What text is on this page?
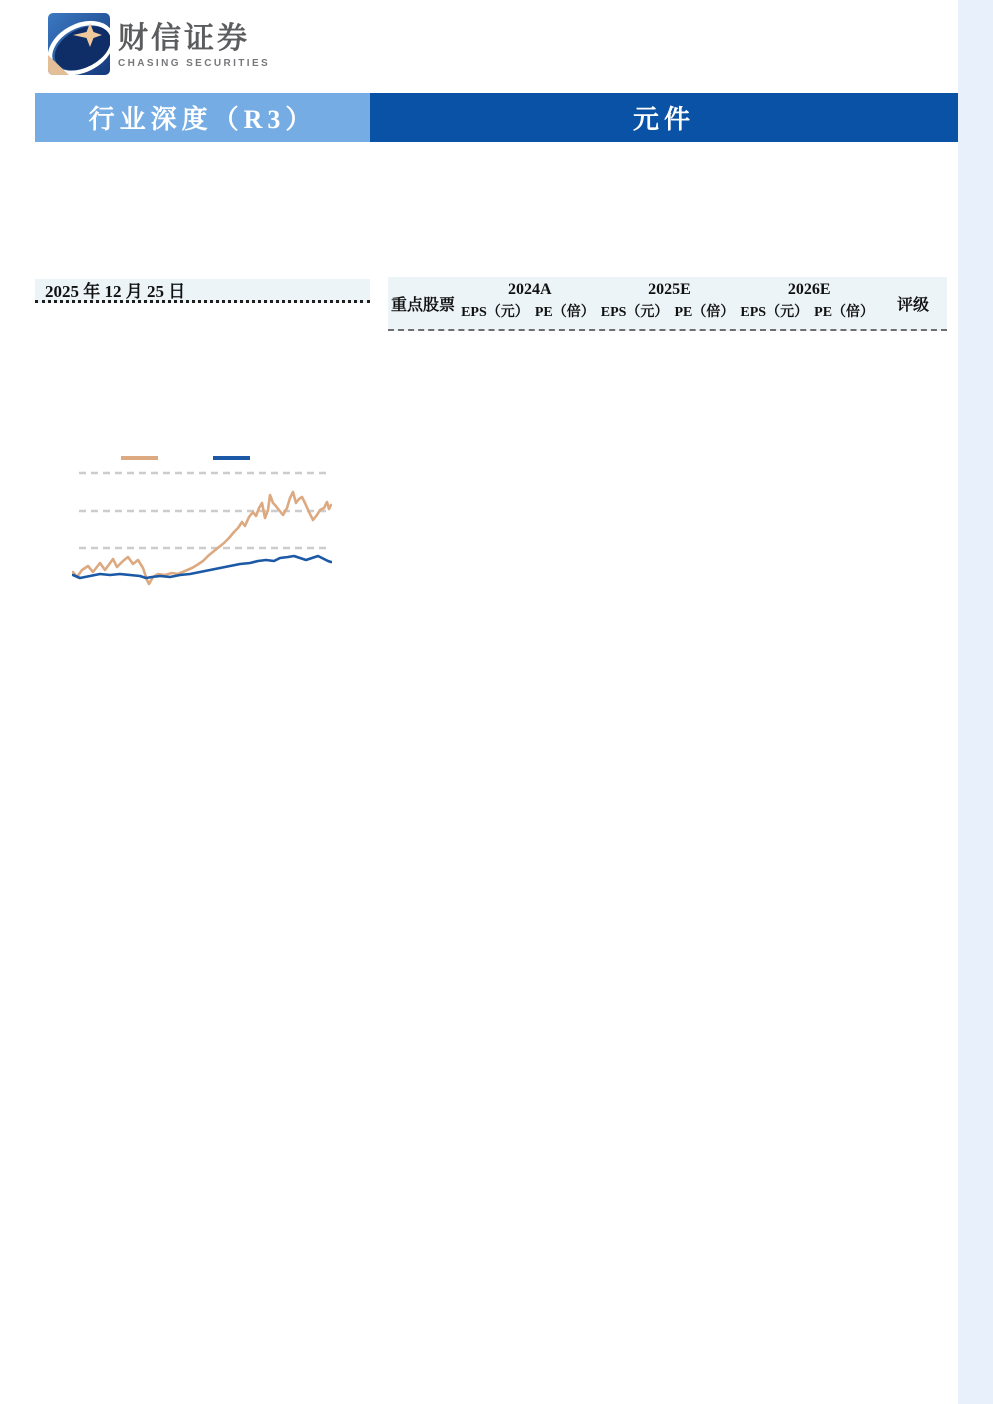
财信证券
CHASING SECURITIES
行业深度（R3）	元件
2025 年 12 月 25 日
重点股票
2024A
EPS（元） PE（倍）
2025E
EPS（元） PE（倍）
2026E
EPS（元） PE（倍）	评级
